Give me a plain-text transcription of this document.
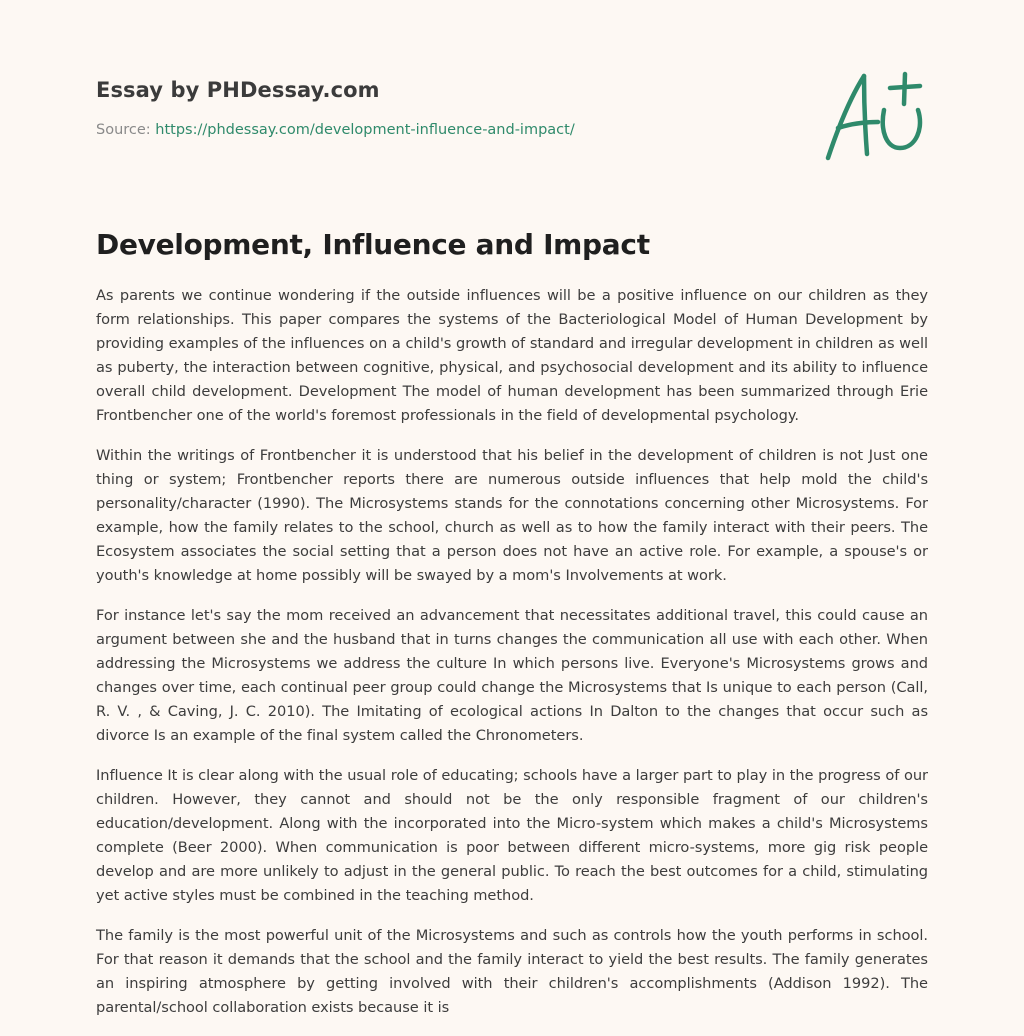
Essay by PHDessay.com
Source: https://phdessay.com/development-influence-and-impact/
Development, Influence and Impact

As parents we continue wondering if the outside influences will be a positive influence on our children as they form relationships. This paper compares the systems of the Bacteriological Model of Human Development by providing examples of the influences on a child's growth of standard and irregular development in children as well as puberty, the interaction between cognitive, physical, and psychosocial development and its ability to influence overall child development. Development The model of human development has been summarized through Erie Frontbencher one of the world's foremost professionals in the field of developmental psychology.

Within the writings of Frontbencher it is understood that his belief in the development of children is not Just one thing or system; Frontbencher reports there are numerous outside influences that help mold the child's personality/character (1990). The Microsystems stands for the connotations concerning other Microsystems. For example, how the family relates to the school, church as well as to how the family interact with their peers. The Ecosystem associates the social setting that a person does not have an active role. For example, a spouse's or youth's knowledge at home possibly will be swayed by a mom's Involvements at work.

For instance let's say the mom received an advancement that necessitates additional travel, this could cause an argument between she and the husband that in turns changes the communication all use with each other. When addressing the Microsystems we address the culture In which persons live. Everyone's Microsystems grows and changes over time, each continual peer group could change the Microsystems that Is unique to each person (Call, R. V. , & Caving, J. C. 2010). The Imitating of ecological actions In Dalton to the changes that occur such as divorce Is an example of the final system called the Chronometers.

Influence It is clear along with the usual role of educating; schools have a larger part to play in the progress of our children. However, they cannot and should not be the only responsible fragment of our children's education/development. Along with the incorporated into the Micro-system which makes a child's Microsystems complete (Beer 2000). When communication is poor between different micro-systems, more gig risk people develop and are more unlikely to adjust in the general public. To reach the best outcomes for a child, stimulating yet active styles must be combined in the teaching method.

The family is the most powerful unit of the Microsystems and such as controls how the youth performs in school. For that reason it demands that the school and the family interact to yield the best results. The family generates an inspiring atmosphere by getting involved with their children's accomplishments (Addison 1992). The parental/school collaboration exists because it is
